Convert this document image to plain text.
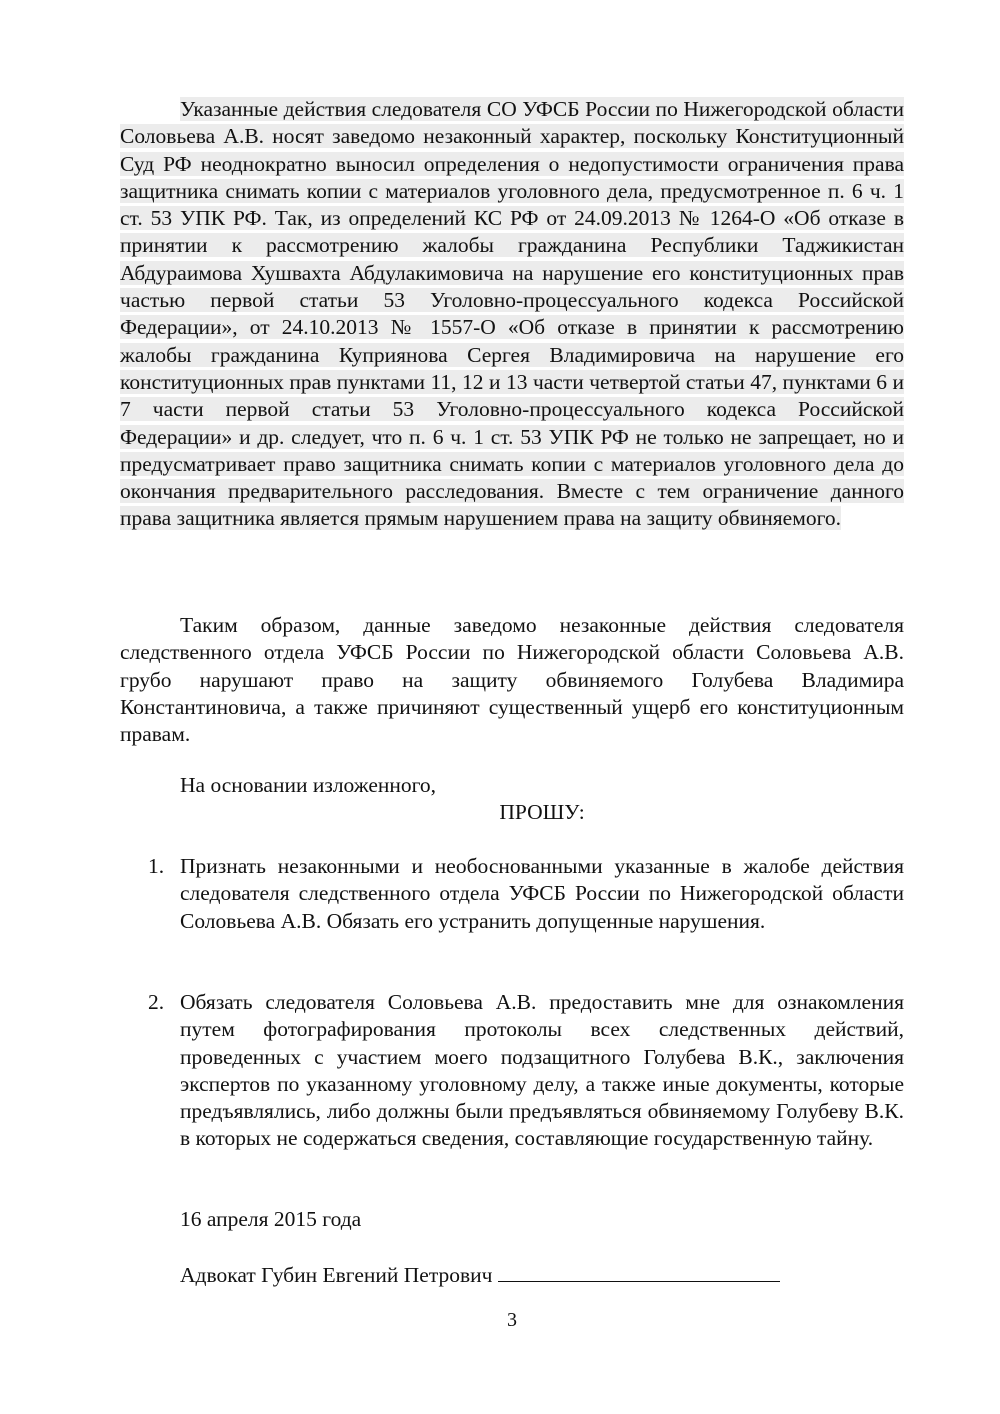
Указанные действия следователя СО УФСБ России по Нижегородской области Соловьева А.В. носят заведомо незаконный характер, поскольку Конституционный Суд РФ неоднократно выносил определения о недопустимости ограничения права защитника снимать копии с материалов уголовного дела, предусмотренное п. 6 ч. 1 ст. 53 УПК РФ. Так, из определений КС РФ от 24.09.2013 № 1264-О «Об отказе в принятии к рассмотрению жалобы гражданина Республики Таджикистан Абдураимова Хушвахта Абдулакимовича на нарушение его конституционных прав частью первой статьи 53 Уголовно-процессуального кодекса Российской Федерации», от 24.10.2013 № 1557-О «Об отказе в принятии к рассмотрению жалобы гражданина Куприянова Сергея Владимировича на нарушение его конституционных прав пунктами 11, 12 и 13 части четвертой статьи 47, пунктами 6 и 7 части первой статьи 53 Уголовно-процессуального кодекса Российской Федерации» и др. следует, что п. 6 ч. 1 ст. 53 УПК РФ не только не запрещает, но и предусматривает право защитника снимать копии с материалов уголовного дела до окончания предварительного расследования. Вместе с тем ограничение данного права защитника является прямым нарушением права на защиту обвиняемого.

Таким образом, данные заведомо незаконные действия следователя следственного отдела УФСБ России по Нижегородской области Соловьева А.В. грубо нарушают право на защиту обвиняемого Голубева Владимира Константиновича, а также причиняют существенный ущерб его конституционным правам.

На основании изложенного,

ПРОШУ:

1. Признать незаконными и необоснованными указанные в жалобе действия следователя следственного отдела УФСБ России по Нижегородской области Соловьева А.В. Обязать его устранить допущенные нарушения.
2. Обязать следователя Соловьева А.В. предоставить мне для ознакомления путем фотографирования протоколы всех следственных действий, проведенных с участием моего подзащитного Голубева В.К., заключения экспертов по указанному уголовному делу, а также иные документы, которые предъявлялись, либо должны были предъявляться обвиняемому Голубеву В.К. в которых не содержаться сведения, составляющие государственную тайну.

16 апреля 2015 года

Адвокат Губин Евгений Петрович

3
